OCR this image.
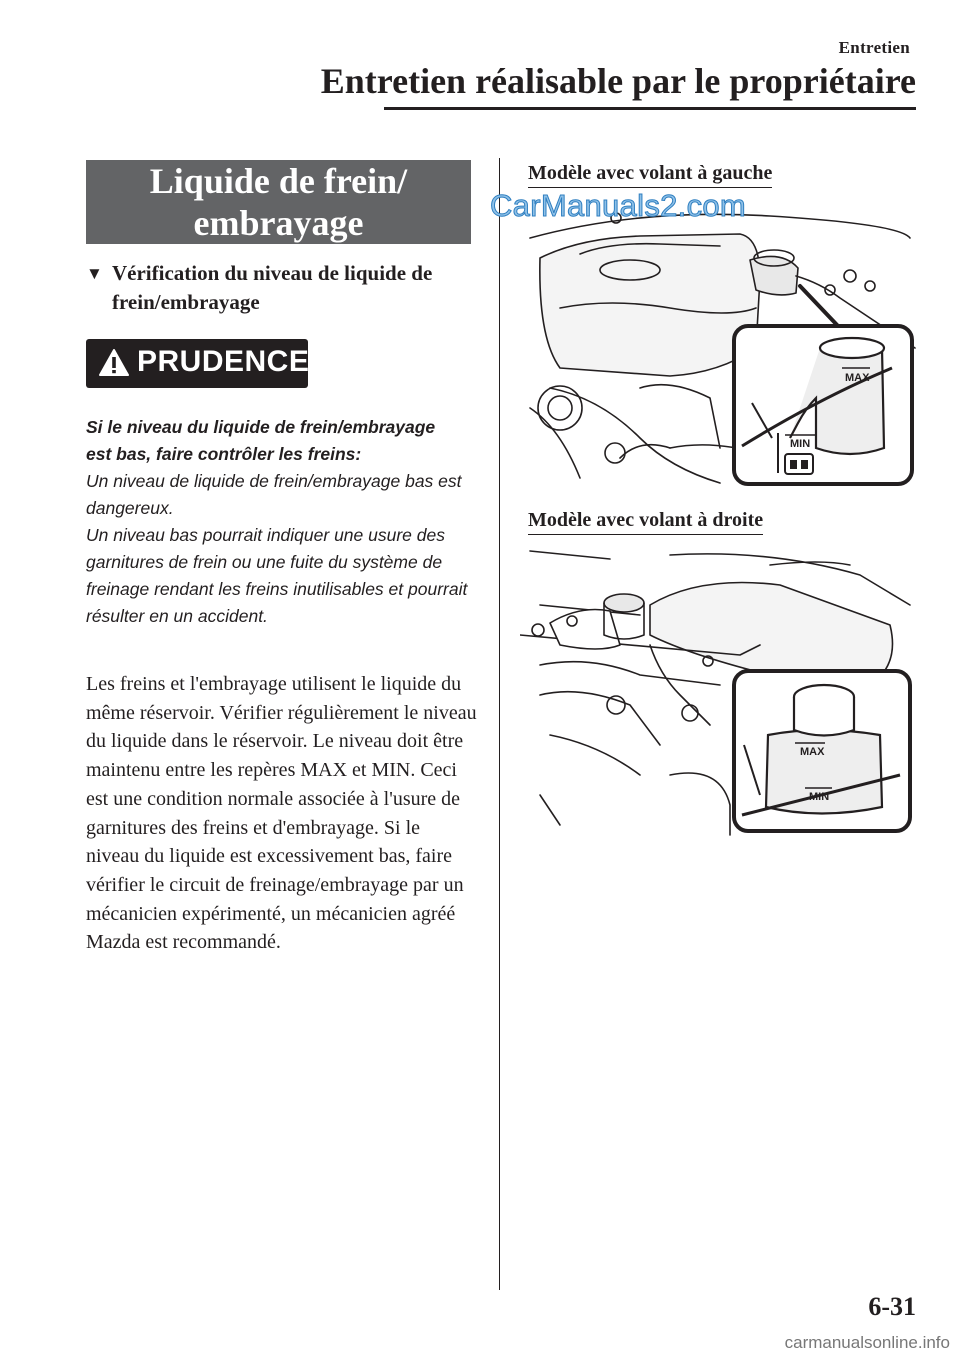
Entretien
Entretien réalisable par le propriétaire
Liquide de frein/
embrayage
▼ Vérification du niveau de liquide de frein/embrayage
PRUDENCE
Si le niveau du liquide de frein/embrayage
est bas, faire contrôler les freins:
Un niveau de liquide de frein/embrayage bas est dangereux.
Un niveau bas pourrait indiquer une usure des garnitures de frein ou une fuite du système de freinage rendant les freins inutilisables et pourrait résulter en un accident.
Les freins et l'embrayage utilisent le liquide du même réservoir. Vérifier régulièrement le niveau du liquide dans le réservoir. Le niveau doit être maintenu entre les repères MAX et MIN. Ceci est une condition normale associée à l'usure de garnitures des freins et d'embrayage. Si le niveau du liquide est excessivement bas, faire vérifier le circuit de freinage/embrayage par un mécanicien expérimenté, un mécanicien agréé Mazda est recommandé.
Modèle avec volant à gauche
Modèle avec volant à droite
MAX
MIN
MAX
MIN
CarManuals2.com
6-31
carmanualsonline.info
